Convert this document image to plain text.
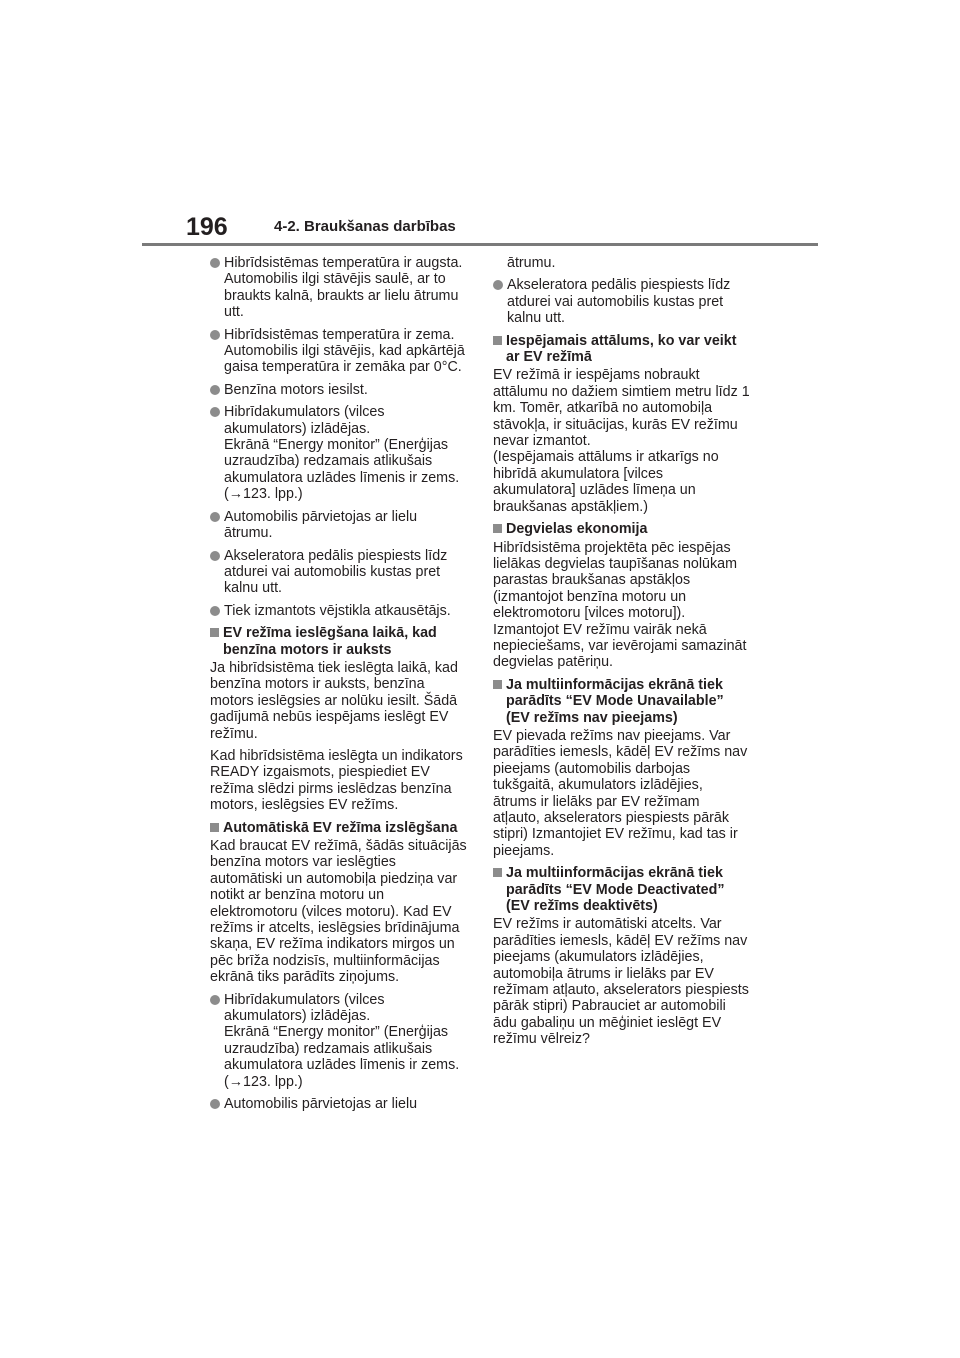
196	4-2. Braukšanas darbības
Hibrīdsistēmas temperatūra ir augsta.
Automobilis ilgi stāvējis saulē, ar to
braukts kalnā, braukts ar lielu ātrumu
utt.
Hibrīdsistēmas temperatūra ir zema.
Automobilis ilgi stāvējis, kad apkārtējā
gaisa temperatūra ir zemāka par 0°C.
Benzīna motors iesilst.
Hibrīdakumulators (vilces
akumulators) izlādējas.
Ekrānā “Energy monitor” (Enerģijas
uzraudzība) redzamais atlikušais
akumulatora uzlādes līmenis ir zems.
(→123. lpp.)
Automobilis pārvietojas ar lielu
ātrumu.
Akseleratora pedālis piespiests līdz
atdurei vai automobilis kustas pret
kalnu utt.
Tiek izmantots vējstikla atkausētājs.
EV režīma ieslēgšana laikā, kad
benzīna motors ir auksts
Ja hibrīdsistēma tiek ieslēgta laikā, kad
benzīna motors ir auksts, benzīna
motors ieslēgsies ar nolūku iesilt. Šādā
gadījumā nebūs iespējams ieslēgt EV
režīmu.
Kad hibrīdsistēma ieslēgta un indikators
READY izgaismots, piespiediet EV
režīma slēdzi pirms ieslēdzas benzīna
motors, ieslēgsies EV režīms.
Automātiskā EV režīma izslēgšana
Kad braucat EV režīmā, šādās situācijās
benzīna motors var ieslēgties
automātiski un automobiļa piedziņa var
notikt ar benzīna motoru un
elektromotoru (vilces motoru). Kad EV
režīms ir atcelts, ieslēgsies brīdinājuma
skaņa, EV režīma indikators mirgos un
pēc brīža nodzisīs, multiinformācijas
ekrānā tiks parādīts ziņojums.
Hibrīdakumulators (vilces
akumulators) izlādējas.
Ekrānā “Energy monitor” (Enerģijas
uzraudzība) redzamais atlikušais
akumulatora uzlādes līmenis ir zems.
(→123. lpp.)
Automobilis pārvietojas ar lielu
ātrumu.
Akseleratora pedālis piespiests līdz
atdurei vai automobilis kustas pret
kalnu utt.
Iespējamais attālums, ko var veikt
ar EV režīmā
EV režīmā ir iespējams nobraukt
attālumu no dažiem simtiem metru līdz 1
km. Tomēr, atkarībā no automobiļa
stāvokļa, ir situācijas, kurās EV režīmu
nevar izmantot.
(Iespējamais attālums ir atkarīgs no
hibrīdā akumulatora [vilces
akumulatora] uzlādes līmeņa un
braukšanas apstākļiem.)
Degvielas ekonomija
Hibrīdsistēma projektēta pēc iespējas
lielākas degvielas taupīšanas nolūkam
parastas braukšanas apstākļos
(izmantojot benzīna motoru un
elektromotoru [vilces motoru]).
Izmantojot EV režīmu vairāk nekā
nepieciešams, var ievērojami samazināt
degvielas patēriņu.
Ja multiinformācijas ekrānā tiek
parādīts “EV Mode Unavailable”
(EV režīms nav pieejams)
EV pievada režīms nav pieejams. Var
parādīties iemesls, kādēļ EV režīms nav
pieejams (automobilis darbojas
tukšgaitā, akumulators izlādējies,
ātrums ir lielāks par EV režīmam
atļauto, akselerators piespiests pārāk
stipri) Izmantojiet EV režīmu, kad tas ir
pieejams.
Ja multiinformācijas ekrānā tiek
parādīts “EV Mode Deactivated”
(EV režīms deaktivēts)
EV režīms ir automātiski atcelts. Var
parādīties iemesls, kādēļ EV režīms nav
pieejams (akumulators izlādējies,
automobiļa ātrums ir lielāks par EV
režīmam atļauto, akselerators piespiests
pārāk stipri) Pabrauciet ar automobili
ādu gabaliņu un mēģiniet ieslēgt EV
režīmu vēlreiz?
